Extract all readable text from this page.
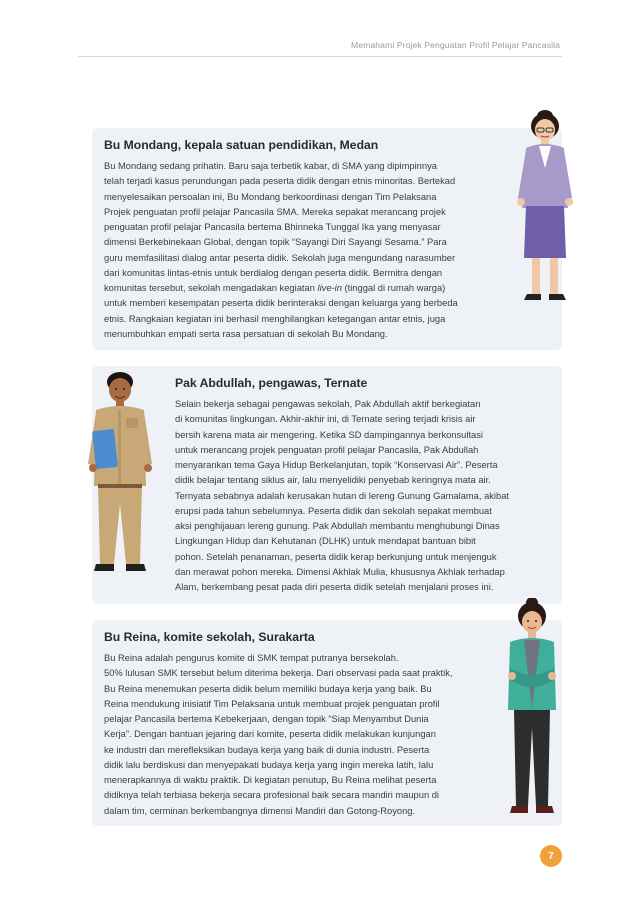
Memahami Projek Penguatan Profil Pelajar Pancasila
Bu Mondang, kepala satuan pendidikan, Medan
Bu Mondang sedang prihatin. Baru saja terbetik kabar, di SMA yang dipimpinnya
telah terjadi kasus perundungan pada peserta didik dengan etnis minoritas. Bertekad
menyelesaikan persoalan ini, Bu Mondang berkoordinasi dengan Tim Pelaksana
Projek penguatan profil pelajar Pancasila SMA. Mereka sepakat merancang projek
penguatan profil pelajar Pancasila bertema Bhinneka Tunggal Ika yang menyasar
dimensi Berkebinekaan Global, dengan topik “Sayangi Diri Sayangi Sesama.” Para
guru memfasilitasi dialog antar peserta didik. Sekolah juga mengundang narasumber
dari komunitas lintas-etnis untuk berdialog dengan peserta didik. Bermitra dengan
komunitas tersebut, sekolah mengadakan kegiatan live-in (tinggal di rumah warga)
untuk memberi kesempatan peserta didik berinteraksi dengan keluarga yang berbeda
etnis. Rangkaian kegiatan ini berhasil menghilangkan ketegangan antar etnis, juga
menumbuhkan empati serta rasa persatuan di sekolah Bu Mondang.
Pak Abdullah, pengawas, Ternate
Selain bekerja sebagai pengawas sekolah, Pak Abdullah aktif berkegiatan
di komunitas lingkungan. Akhir-akhir ini, di Ternate sering terjadi krisis air
bersih karena mata air mengering. Ketika SD dampingannya berkonsultasi
untuk merancang projek penguatan profil pelajar Pancasila, Pak Abdullah
menyarankan tema Gaya Hidup Berkelanjutan, topik “Konservasi Air”. Peserta
didik belajar tentang siklus air, lalu menyelidiki penyebab keringnya mata air.
Ternyata sebabnya adalah kerusakan hutan di lereng Gunung Gamalama, akibat
erupsi pada tahun sebelumnya. Peserta didik dan sekolah sepakat membuat
aksi penghijauan lereng gunung. Pak Abdullah membantu menghubungi Dinas
Lingkungan Hidup dan Kehutanan (DLHK) untuk mendapat bantuan bibit
pohon. Setelah penanaman, peserta didik kerap berkunjung untuk menjenguk
dan merawat pohon mereka. Dimensi Akhlak Mulia, khususnya Akhlak terhadap
Alam, berkembang pesat pada diri peserta didik setelah menjalani proses ini.
Bu Reina, komite sekolah, Surakarta
Bu Reina adalah pengurus komite di SMK tempat putranya bersekolah.
50% lulusan SMK tersebut belum diterima bekerja. Dari observasi pada saat praktik,
Bu Reina menemukan peserta didik belum memiliki budaya kerja yang baik. Bu
Reina mendukung inisiatif Tim Pelaksana untuk membuat projek penguatan profil
pelajar Pancasila bertema Kebekerjaan, dengan topik “Siap Menyambut Dunia
Kerja”. Dengan bantuan jejaring dari komite, peserta didik melakukan kunjungan
ke industri dan merefleksikan budaya kerja yang baik di dunia industri. Peserta
didik lalu berdiskusi dan menyepakati budaya kerja yang ingin mereka latih, lalu
menerapkannya di waktu praktik. Di kegiatan penutup, Bu Reina melihat peserta
didiknya telah terbiasa bekerja secara profesional baik secara mandiri maupun di
dalam tim, cerminan berkembangnya dimensi Mandiri dan Gotong-Royong.
7
